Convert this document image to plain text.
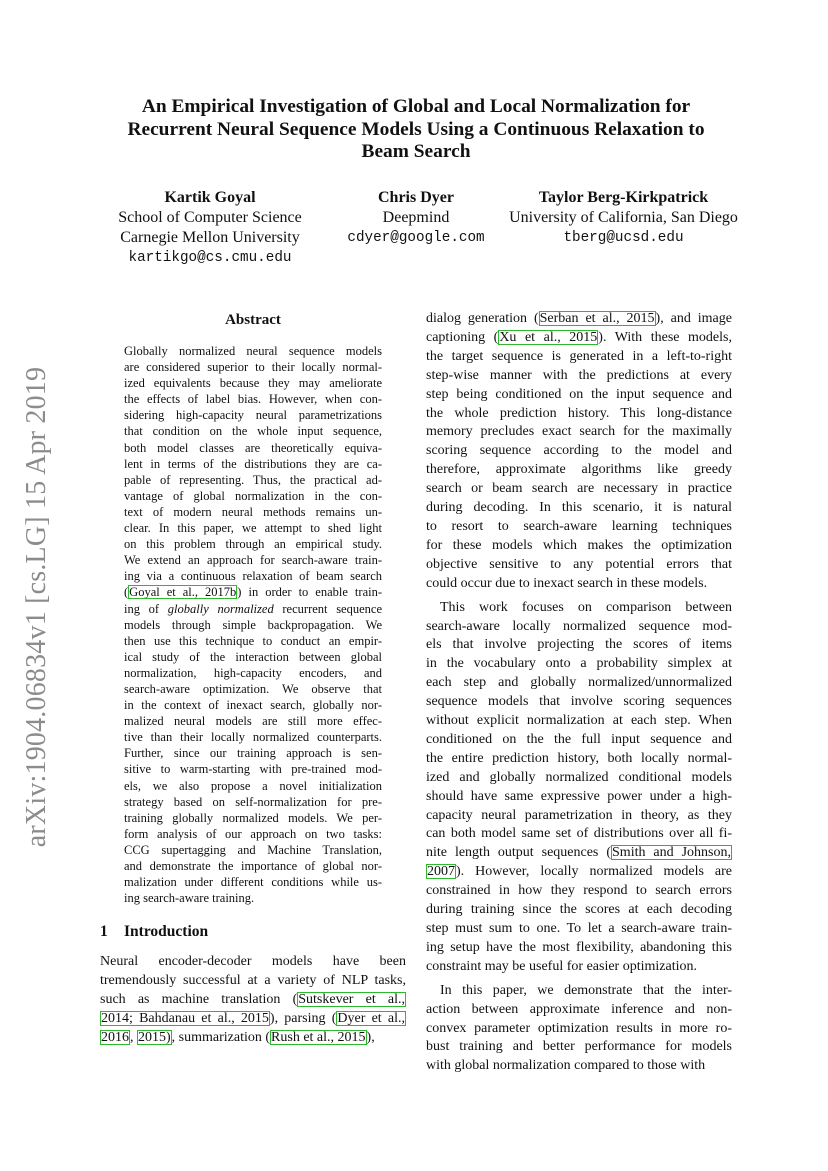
arXiv:1904.06834v1 [cs.LG] 15 Apr 2019
An Empirical Investigation of Global and Local Normalization for
Recurrent Neural Sequence Models Using a Continuous Relaxation to
Beam Search
Kartik Goyal
School of Computer Science
Carnegie Mellon University
kartikgo@cs.cmu.edu
Chris Dyer
Deepmind
cdyer@google.com
Taylor Berg-Kirkpatrick
University of California, San Diego
tberg@ucsd.edu
Abstract
Globally normalized neural sequence models
are considered superior to their locally normal-
ized equivalents because they may ameliorate
the effects of label bias. However, when con-
sidering high-capacity neural parametrizations
that condition on the whole input sequence,
both model classes are theoretically equiva-
lent in terms of the distributions they are ca-
pable of representing. Thus, the practical ad-
vantage of global normalization in the con-
text of modern neural methods remains un-
clear. In this paper, we attempt to shed light
on this problem through an empirical study.
We extend an approach for search-aware train-
ing via a continuous relaxation of beam search
(Goyal et al., 2017b) in order to enable train-
ing of globally normalized recurrent sequence
models through simple backpropagation. We
then use this technique to conduct an empir-
ical study of the interaction between global
normalization, high-capacity encoders, and
search-aware optimization. We observe that
in the context of inexact search, globally nor-
malized neural models are still more effec-
tive than their locally normalized counterparts.
Further, since our training approach is sen-
sitive to warm-starting with pre-trained mod-
els, we also propose a novel initialization
strategy based on self-normalization for pre-
training globally normalized models. We per-
form analysis of our approach on two tasks:
CCG supertagging and Machine Translation,
and demonstrate the importance of global nor-
malization under different conditions while us-
ing search-aware training.
1 Introduction
Neural encoder-decoder models have been
tremendously successful at a variety of NLP tasks,
such as machine translation (Sutskever et al.,
2014; Bahdanau et al., 2015), parsing (Dyer et al.,
2016, 2015), summarization (Rush et al., 2015),

dialog generation (Serban et al., 2015), and image
captioning (Xu et al., 2015). With these models,
the target sequence is generated in a left-to-right
step-wise manner with the predictions at every
step being conditioned on the input sequence and
the whole prediction history. This long-distance
memory precludes exact search for the maximally
scoring sequence according to the model and
therefore, approximate algorithms like greedy
search or beam search are necessary in practice
during decoding. In this scenario, it is natural
to resort to search-aware learning techniques
for these models which makes the optimization
objective sensitive to any potential errors that
could occur due to inexact search in these models.

This work focuses on comparison between
search-aware locally normalized sequence mod-
els that involve projecting the scores of items
in the vocabulary onto a probability simplex at
each step and globally normalized/unnormalized
sequence models that involve scoring sequences
without explicit normalization at each step. When
conditioned on the the full input sequence and
the entire prediction history, both locally normal-
ized and globally normalized conditional models
should have same expressive power under a high-
capacity neural parametrization in theory, as they
can both model same set of distributions over all fi-
nite length output sequences (Smith and Johnson,
2007). However, locally normalized models are
constrained in how they respond to search errors
during training since the scores at each decoding
step must sum to one. To let a search-aware train-
ing setup have the most flexibility, abandoning this
constraint may be useful for easier optimization.

In this paper, we demonstrate that the inter-
action between approximate inference and non-
convex parameter optimization results in more ro-
bust training and better performance for models
with global normalization compared to those with
